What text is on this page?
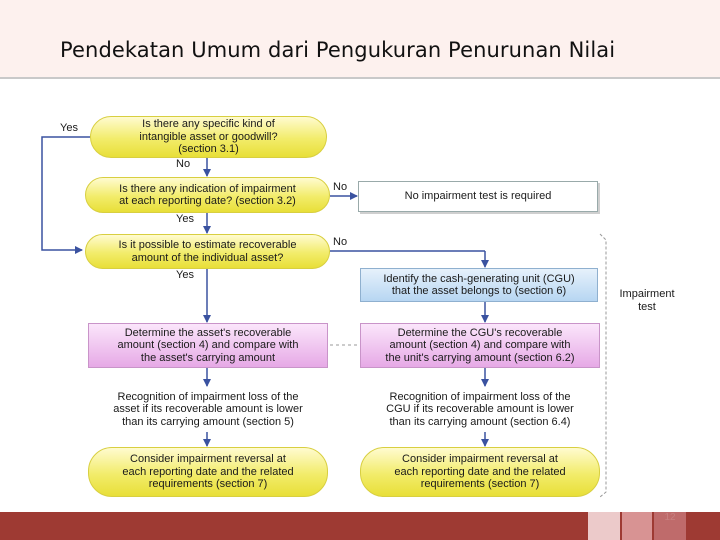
Pendekatan Umum dari Pengukuran Penurunan Nilai
Is there any specific kind of
intangible asset or goodwill?
(section 3.1)
Is there any indication of impairment
at each reporting date? (section 3.2)	No impairment test is required
Is it possible to estimate recoverable
amount of the individual asset?
Identify the cash-generating unit (CGU)
that the asset belongs to (section 6)
Determine the asset's recoverable
amount (section 4) and compare with
the asset's carrying amount
Determine the CGU's recoverable
amount (section 4) and compare with
the unit's carrying amount (section 6.2)
Recognition of impairment loss of the
asset if its recoverable amount is lower
than its carrying amount (section 5)
Recognition of impairment loss of the
CGU if its recoverable amount is lower
than its carrying amount (section 6.4)
Consider impairment reversal at
each reporting date and the related
requirements (section 7)
Consider impairment reversal at
each reporting date and the related
requirements (section 7)
Yes
No
No
Yes
No
Yes
Impairment
test
12
